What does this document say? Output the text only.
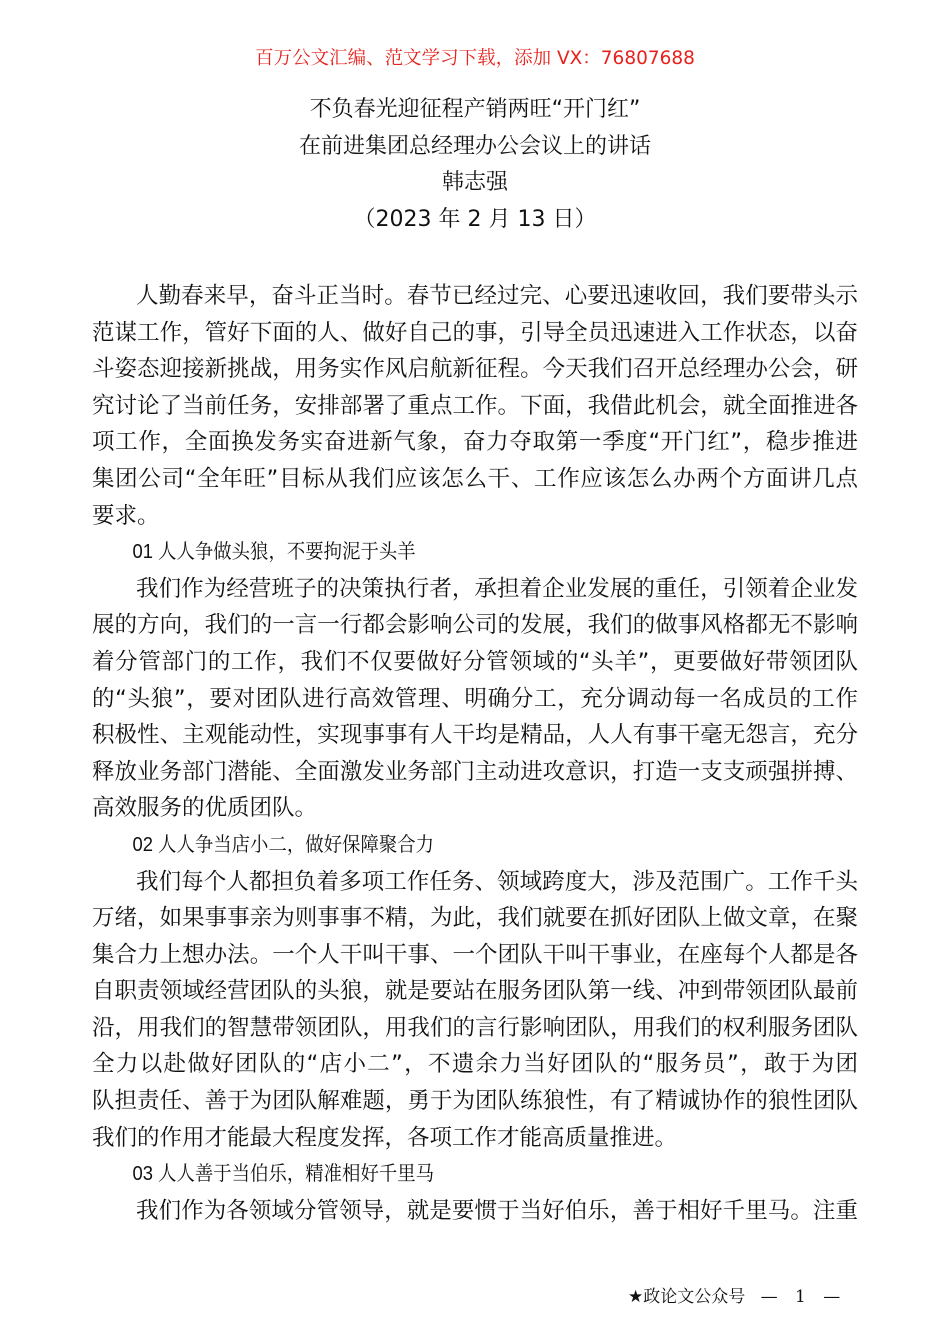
百万公文汇编、范文学习下载，添加 VX：76807688
不负春光迎征程产销两旺“开门红”
在前进集团总经理办公会议上的讲话
韩志强
（2023 年 2 月 13 日）
人勤春来早，奋斗正当时。春节已经过完、心要迅速收回，我们要带头示
范谋工作，管好下面的人、做好自己的事，引导全员迅速进入工作状态，以奋
斗姿态迎接新挑战，用务实作风启航新征程。今天我们召开总经理办公会，研
究讨论了当前任务，安排部署了重点工作。下面，我借此机会，就全面推进各
项工作，全面换发务实奋进新气象，奋力夺取第一季度“开门红”，稳步推进
集团公司“全年旺”目标从我们应该怎么干、工作应该怎么办两个方面讲几点
要求。
01 人人争做头狼，不要拘泥于头羊
我们作为经营班子的决策执行者，承担着企业发展的重任，引领着企业发
展的方向，我们的一言一行都会影响公司的发展，我们的做事风格都无不影响
着分管部门的工作，我们不仅要做好分管领域的“头羊”，更要做好带领团队
的“头狼”，要对团队进行高效管理、明确分工，充分调动每一名成员的工作
积极性、主观能动性，实现事事有人干均是精品，人人有事干毫无怨言，充分
释放业务部门潜能、全面激发业务部门主动进攻意识，打造一支支顽强拼搏、
高效服务的优质团队。
02 人人争当店小二，做好保障聚合力
我们每个人都担负着多项工作任务、领域跨度大，涉及范围广。工作千头
万绪，如果事事亲为则事事不精，为此，我们就要在抓好团队上做文章，在聚
集合力上想办法。一个人干叫干事、一个团队干叫干事业，在座每个人都是各
自职责领域经营团队的头狼，就是要站在服务团队第一线、冲到带领团队最前
沿，用我们的智慧带领团队，用我们的言行影响团队，用我们的权利服务团队
全力以赴做好团队的“店小二”，不遗余力当好团队的“服务员”，敢于为团
队担责任、善于为团队解难题，勇于为团队练狼性，有了精诚协作的狼性团队
我们的作用才能最大程度发挥，各项工作才能高质量推进。
03 人人善于当伯乐，精准相好千里马
我们作为各领域分管领导，就是要惯于当好伯乐，善于相好千里马。注重
★政论文公众号 — 1 —
